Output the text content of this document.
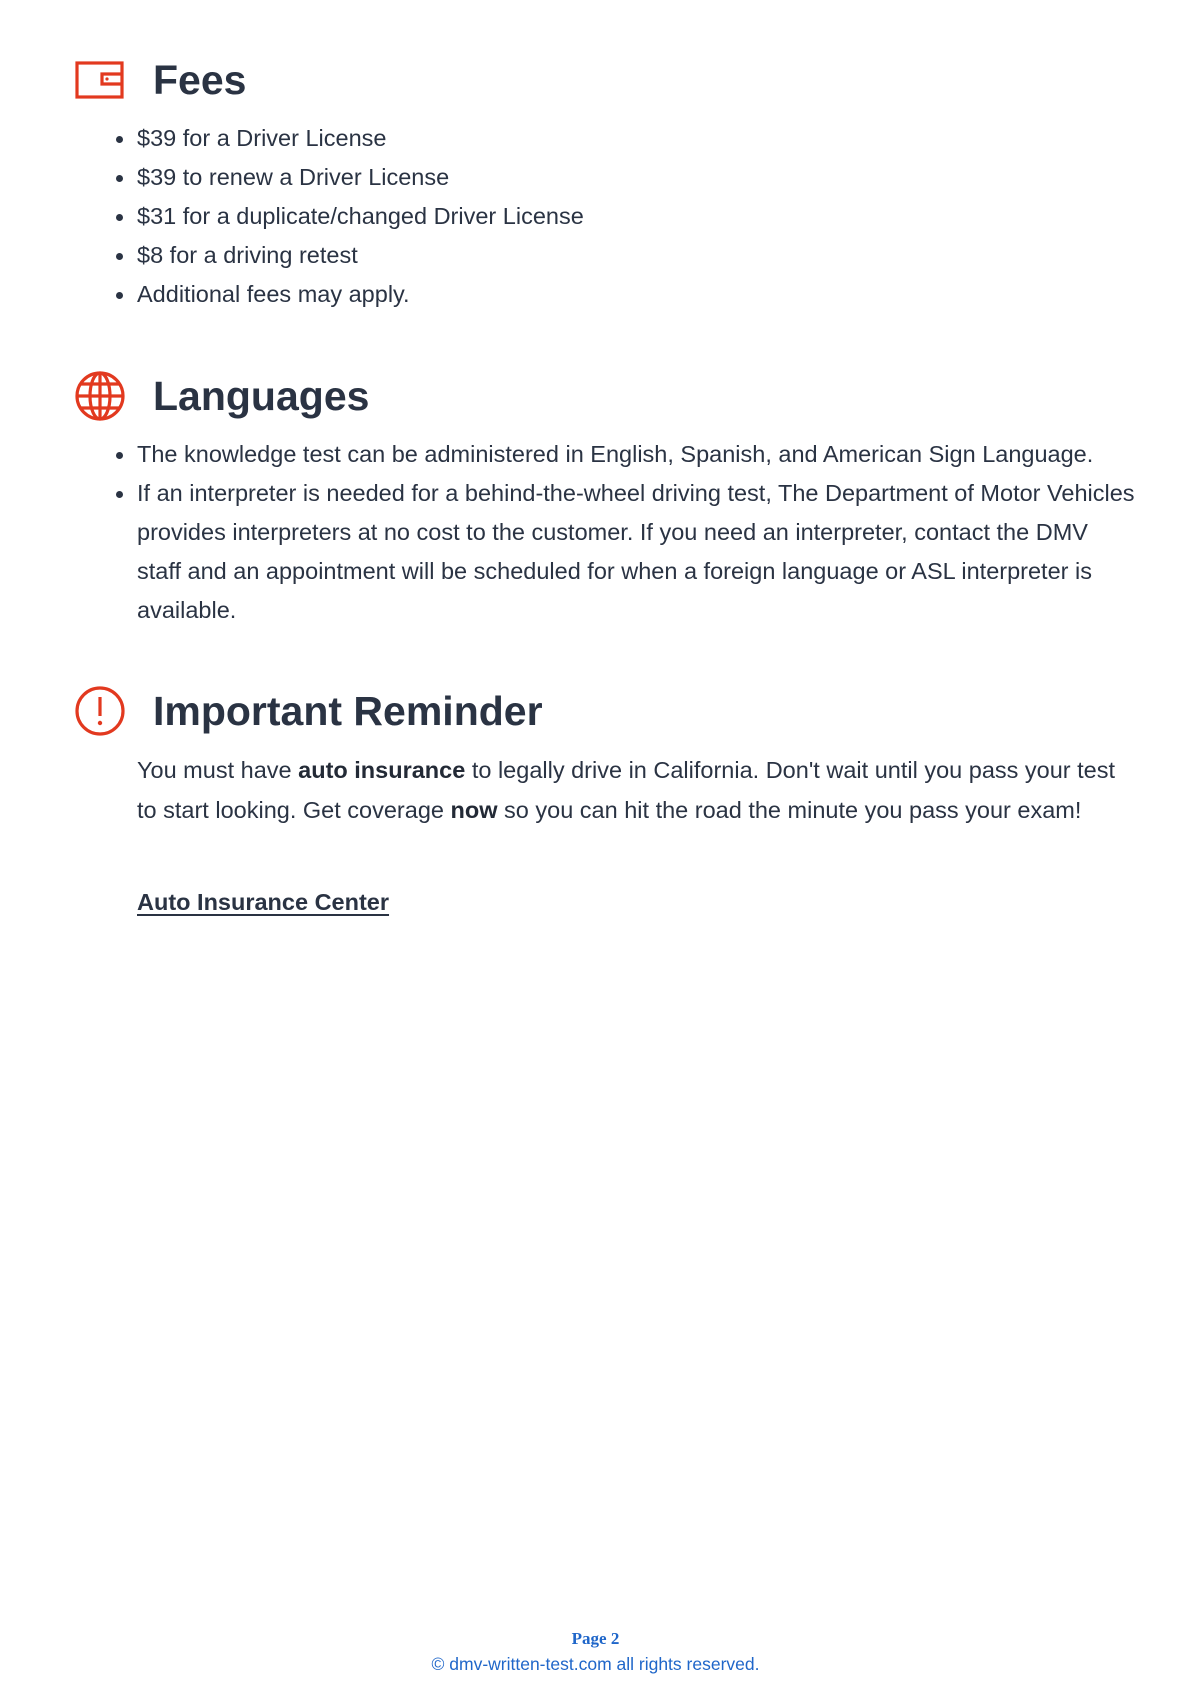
Fees
$39 for a Driver License
$39 to renew a Driver License
$31 for a duplicate/changed Driver License
$8 for a driving retest
Additional fees may apply.
Languages
The knowledge test can be administered in English, Spanish, and American Sign Language.
If an interpreter is needed for a behind-the-wheel driving test, The Department of Motor Vehicles provides interpreters at no cost to the customer. If you need an interpreter, contact the DMV staff and an appointment will be scheduled for when a foreign language or ASL interpreter is available.
Important Reminder

You must have auto insurance to legally drive in California. Don't wait until you pass your test to start looking. Get coverage now so you can hit the road the minute you pass your exam!

Auto Insurance Center
Page 2
© dmv-written-test.com all rights reserved.
